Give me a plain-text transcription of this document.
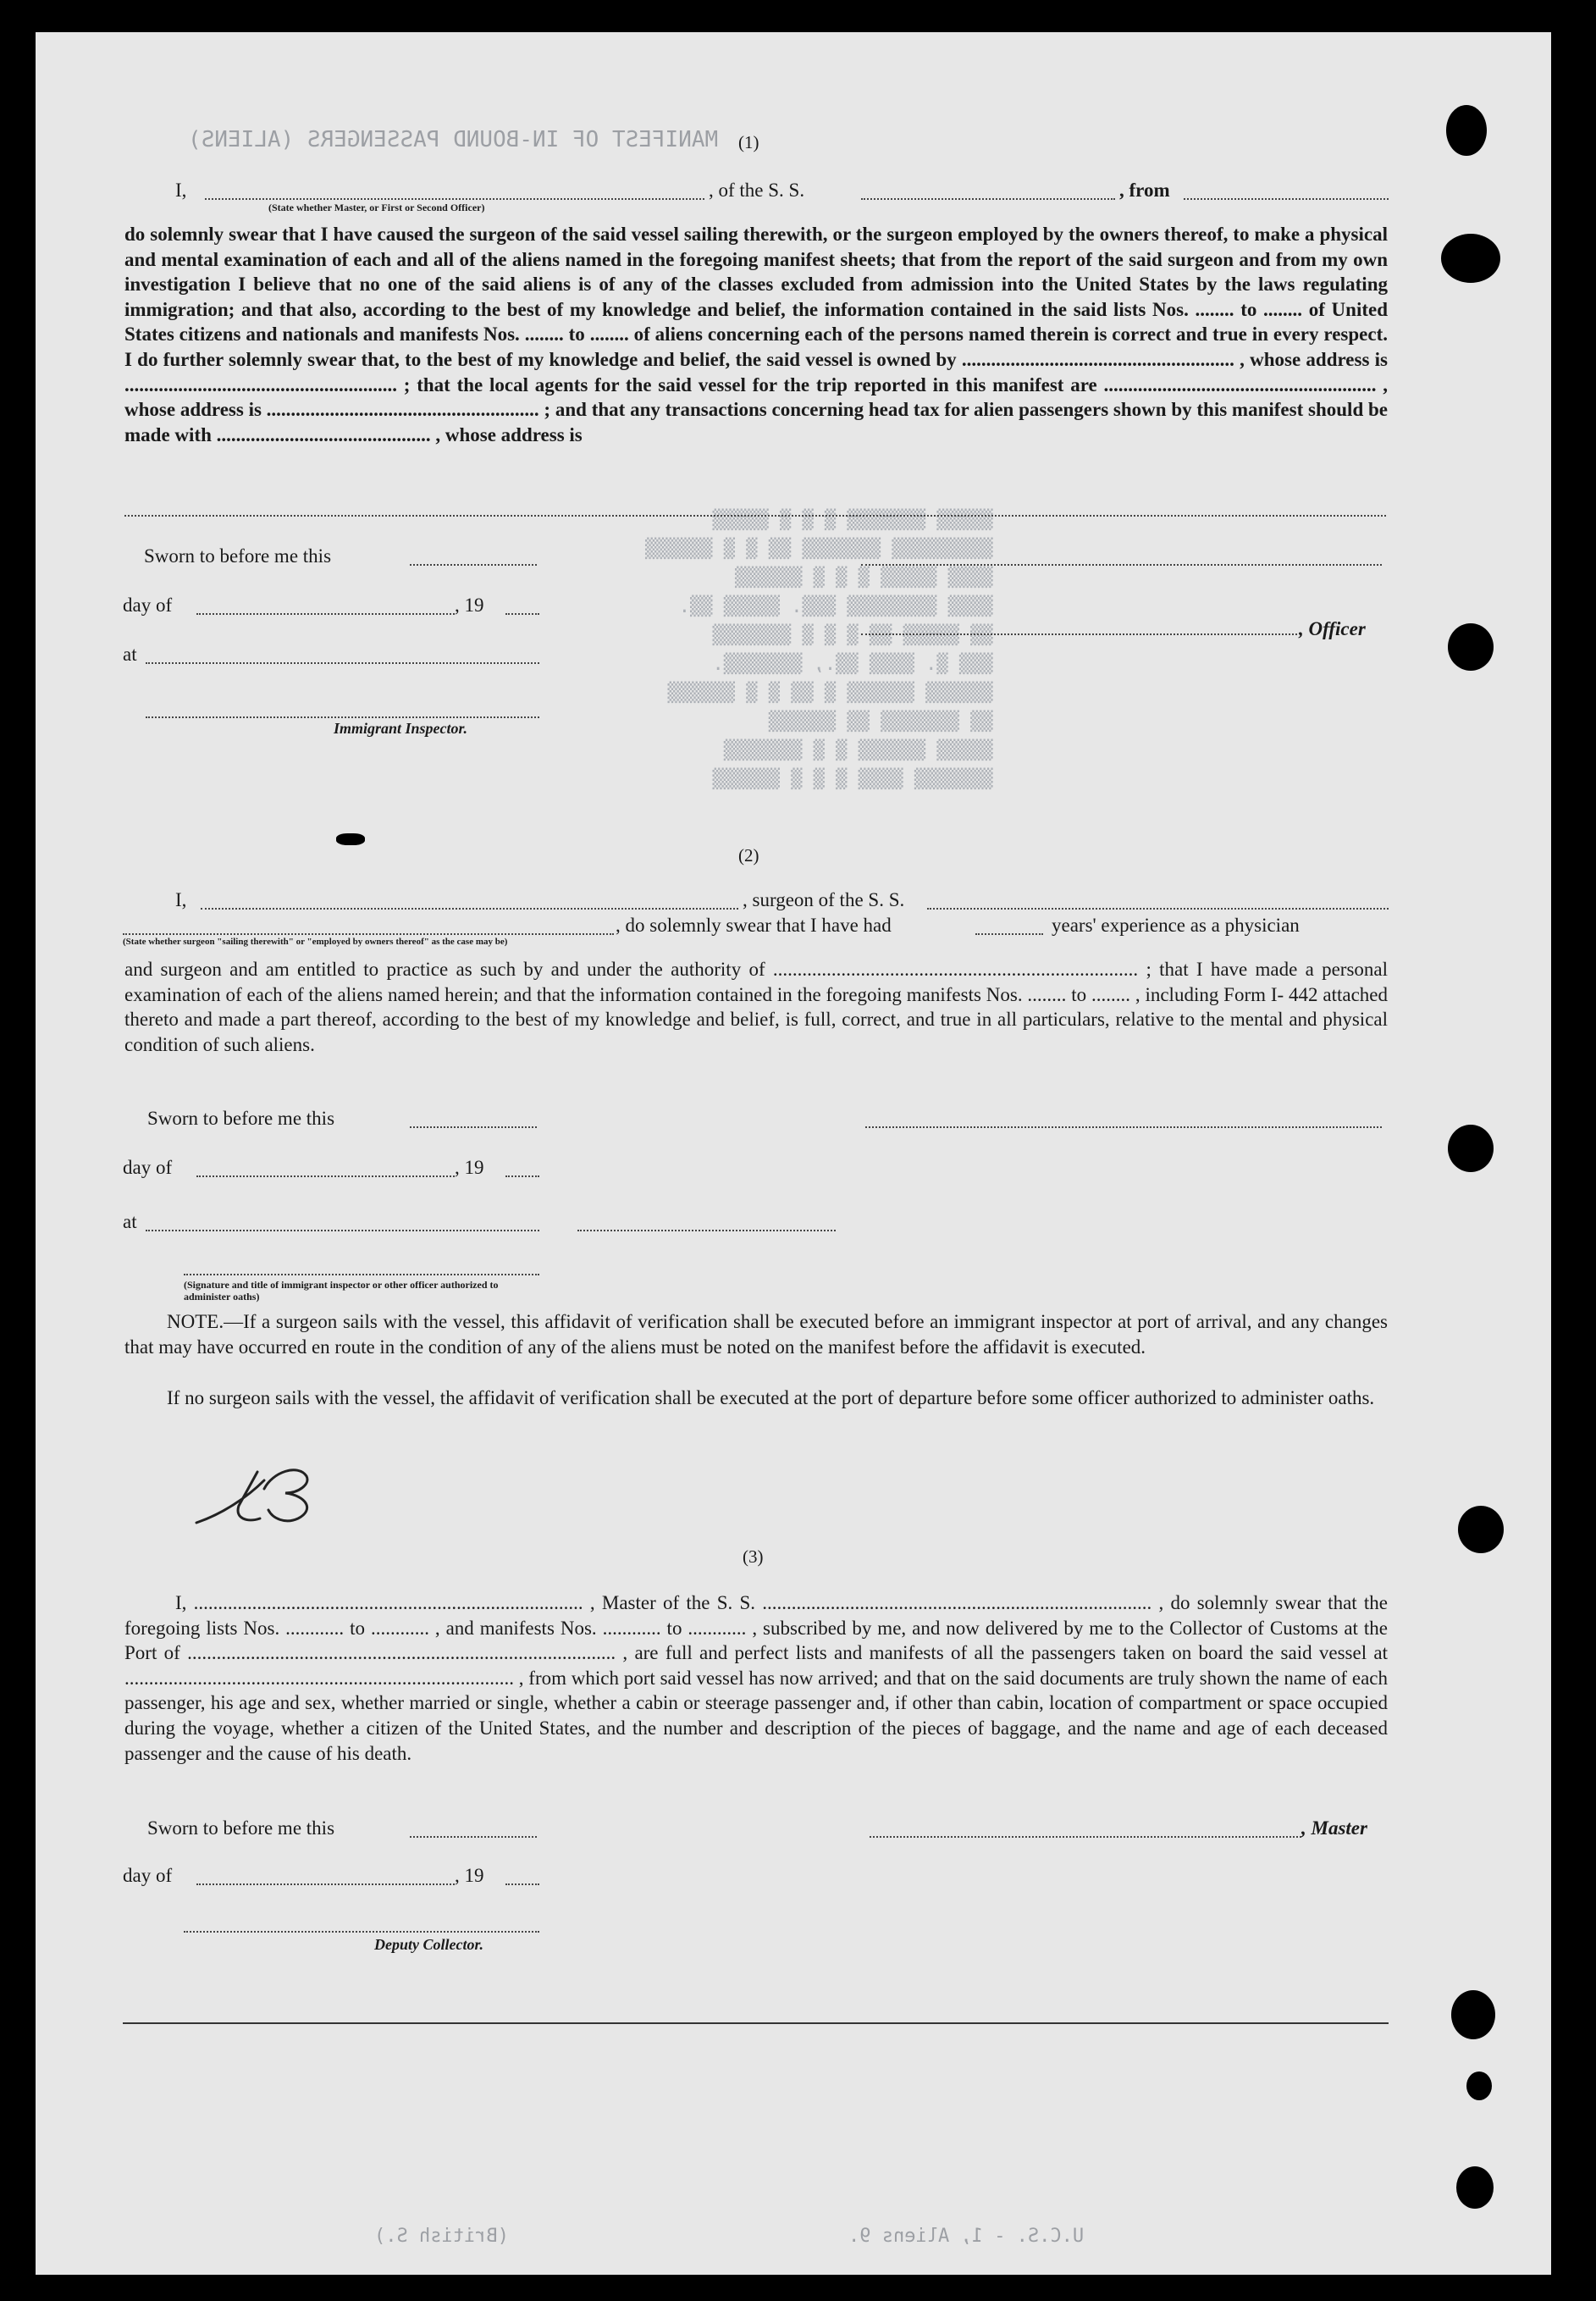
MANIFEST OF IN-BOUND PASSENGERS (ALIENS)
(British S.)	U.C.S. - 1, Aliens 9.
▒▒▒▒▒ ▒▒▒▒▒▒▒ ▒ ▒ ▒ ▒▒▒▒▒
▒▒▒▒▒▒▒▒▒ ▒▒▒▒▒▒▒ ▒▒ ▒ ▒ ▒▒▒▒▒▒
▒▒▒▒ ▒▒▒▒▒ ▒ ▒ ▒ ▒▒▒▒▒▒
▒▒▒▒ ▒▒▒▒▒▒▒▒ ▒▒▒. ▒▒▒▒▒ ▒▒.
▒▒ ▒▒▒▒▒ ▒▒ ▒ ▒ ▒ ▒▒▒▒▒▒▒
▒▒▒ ▒. ▒▒▒▒ ▒▒., ▒▒▒▒▒▒▒.
▒▒▒▒▒▒ ▒▒▒▒▒▒ ▒ ▒▒ ▒ ▒ ▒▒▒▒▒▒
▒▒ ▒▒▒▒▒▒▒ ▒▒ ▒▒▒▒▒▒
▒▒▒▒▒ ▒▒▒▒▒▒ ▒ ▒ ▒▒▒▒▒▒▒
▒▒▒▒▒▒▒ ▒▒▒▒ ▒ ▒ ▒ ▒▒▒▒▒▒
(1)
I,	, of the S. S.	, from
(State whether Master, or First or Second Officer)
do solemnly swear that I have caused the surgeon of the said vessel sailing therewith, or the surgeon employed by the owners thereof, to make a physical and mental examination of each and all of the aliens named in the foregoing manifest sheets; that from the report of the said surgeon and from my own investigation I believe that no one of the said aliens is of any of the classes excluded from admission into the United States by the laws regulating immigration; and that also, according to the best of my knowledge and belief, the information contained in the said lists Nos. ........ to ........ of United States citizens and nationals and manifests Nos. ........ to ........ of aliens concerning each of the persons named therein is correct and true in every respect. I do further solemnly swear that, to the best of my knowledge and belief, the said vessel is owned by ........................................................ , whose address is ........................................................ ; that the local agents for the said vessel for the trip reported in this manifest are ........................................................ , whose address is ........................................................ ; and that any transactions concerning head tax for alien passengers shown by this manifest should be made with ............................................ , whose address is
Sworn to before me this
day of	, 19
, Officer
at
Immigrant Inspector.
(2)
I,	, surgeon of the S. S.
, do solemnly swear that I have had	years' experience as a physician
(State whether surgeon "sailing therewith" or "employed by owners thereof" as the case may be)
and surgeon and am entitled to practice as such by and under the authority of ........................................................................... ; that I have made a personal examination of each of the aliens named herein; and that the information contained in the foregoing manifests Nos. ........ to ........ , including Form I- 442 attached thereto and made a part thereof, according to the best of my knowledge and belief, is full, correct, and true in all particulars, relative to the mental and physical condition of such aliens.
Sworn to before me this
day of	, 19
at
(Signature and title of immigrant inspector or other officer authorized to administer oaths)
NOTE.—If a surgeon sails with the vessel, this affidavit of verification shall be executed before an immigrant inspector at port of arrival, and any changes that may have occurred en route in the condition of any of the aliens must be noted on the manifest before the affidavit is executed.
If no surgeon sails with the vessel, the affidavit of verification shall be executed at the port of departure before some officer authorized to administer oaths.
(3)
I, ................................................................................ , Master of the S. S. ................................................................................ , do solemnly swear that the foregoing lists Nos. ............ to ............ , and manifests Nos. ............ to ............ , subscribed by me, and now delivered by me to the Collector of Customs at the Port of ........................................................................................ , are full and perfect lists and manifests of all the passengers taken on board the said vessel at ................................................................................ , from which port said vessel has now arrived; and that on the said documents are truly shown the name of each passenger, his age and sex, whether married or single, whether a cabin or steerage passenger and, if other than cabin, location of compartment or space occupied during the voyage, whether a citizen of the United States, and the number and description of the pieces of baggage, and the name and age of each deceased passenger and the cause of his death.
Sworn to before me this	, Master
day of	, 19
Deputy Collector.
